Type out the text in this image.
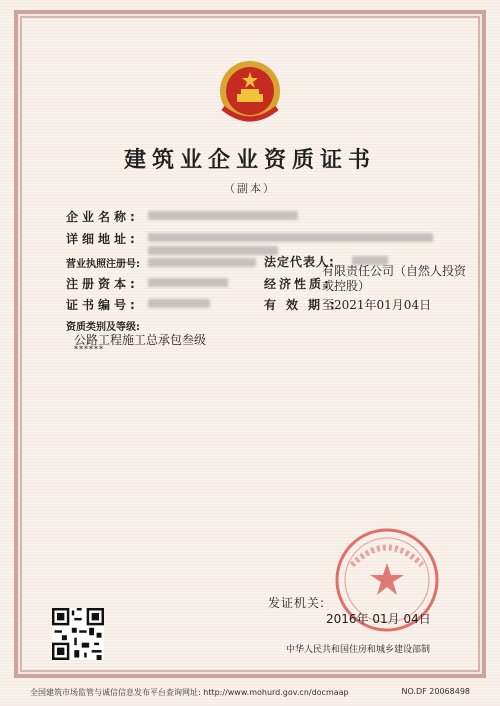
建筑业企业资质证书
（副本）
企业名称:
详细地址:
营业执照注册号:	法定代表人:
注册资本:	经济性质:
有限责任公司（自然人投资
或控股）
证书编号:	有效期:
至2021年01月04日
资质类别及等级:
公路工程施工总承包叁级
******
发证机关:
2016年 01月 04日
中华人民共和国住房和城乡建设部制
全国建筑市场监管与诚信信息发布平台查询网址: http://www.mohurd.gov.cn/docmaap	NO.DF 20068498
